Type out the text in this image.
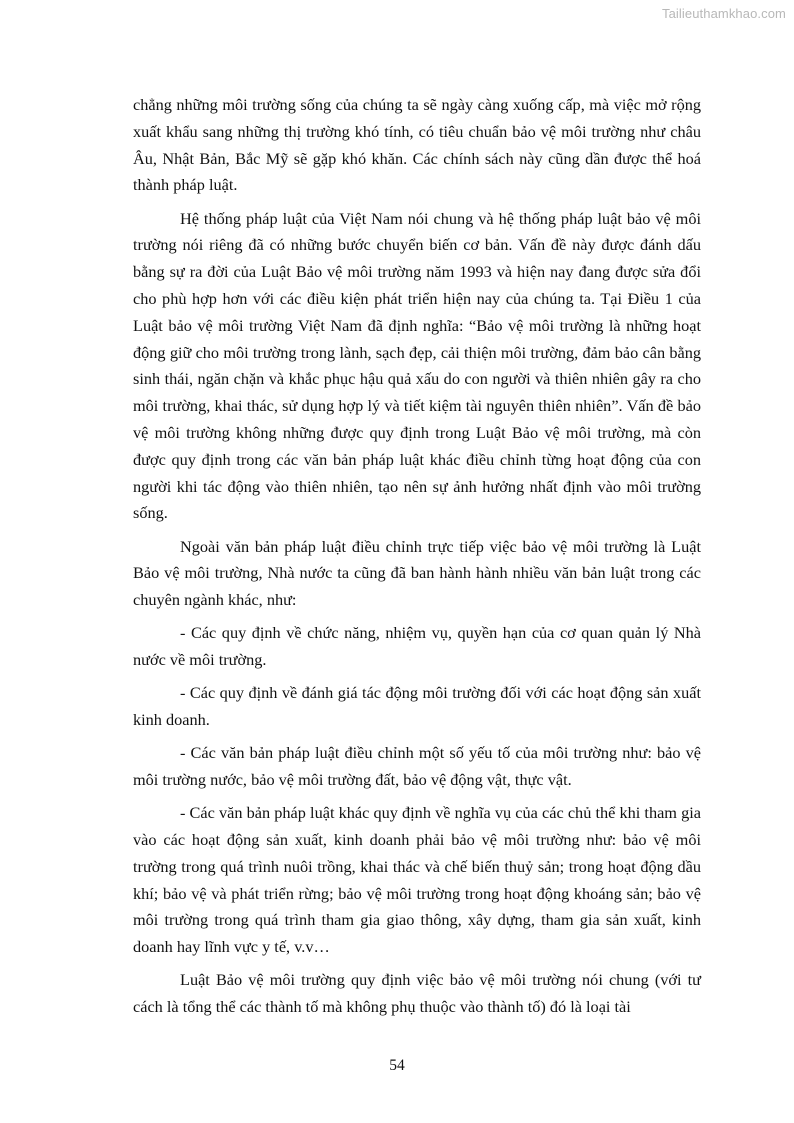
Tailieuthamkhao.com

chẳng những môi trường sống của chúng ta sẽ ngày càng xuống cấp, mà việc mở rộng xuất khẩu sang những thị trường khó tính, có tiêu chuẩn bảo vệ môi trường như châu Âu, Nhật Bản, Bắc Mỹ sẽ gặp khó khăn. Các chính sách này cũng dần được thể hoá thành pháp luật.

Hệ thống pháp luật của Việt Nam nói chung và hệ thống pháp luật bảo vệ môi trường nói riêng đã có những bước chuyển biến cơ bản. Vấn đề này được đánh dấu bằng sự ra đời của Luật Bảo vệ môi trường năm 1993 và hiện nay đang được sửa đổi cho phù hợp hơn với các điều kiện phát triển hiện nay của chúng ta. Tại Điều 1 của Luật bảo vệ môi trường Việt Nam đã định nghĩa: “Bảo vệ môi trường là những hoạt động giữ cho môi trường trong lành, sạch đẹp, cải thiện môi trường, đảm bảo cân bằng sinh thái, ngăn chặn và khắc phục hậu quả xấu do con người và thiên nhiên gây ra cho môi trường, khai thác, sử dụng hợp lý và tiết kiệm tài nguyên thiên nhiên”. Vấn đề bảo vệ môi trường không những được quy định trong Luật Bảo vệ môi trường, mà còn được quy định trong các văn bản pháp luật khác điều chỉnh từng hoạt động của con người khi tác động vào thiên nhiên, tạo nên sự ảnh hưởng nhất định vào môi trường sống.

Ngoài văn bản pháp luật điều chỉnh trực tiếp việc bảo vệ môi trường là Luật Bảo vệ môi trường, Nhà nước ta cũng đã ban hành hành nhiều văn bản luật trong các chuyên ngành khác, như:

- Các quy định về chức năng, nhiệm vụ, quyền hạn của cơ quan quản lý Nhà nước về môi trường.

- Các quy định về đánh giá tác động môi trường đối với các hoạt động sản xuất kinh doanh.

- Các văn bản pháp luật điều chỉnh một số yếu tố của môi trường như: bảo vệ môi trường nước, bảo vệ môi trường đất, bảo vệ động vật, thực vật.

- Các văn bản pháp luật khác quy định về nghĩa vụ của các chủ thể khi tham gia vào các hoạt động sản xuất, kinh doanh phải bảo vệ môi trường như: bảo vệ môi trường trong quá trình nuôi trồng, khai thác và chế biến thuỷ sản; trong hoạt động dầu khí; bảo vệ và phát triển rừng; bảo vệ môi trường trong hoạt động khoáng sản; bảo vệ môi trường trong quá trình tham gia giao thông, xây dựng, tham gia sản xuất, kinh doanh hay lĩnh vực y tế, v.v…

Luật Bảo vệ môi trường quy định việc bảo vệ môi trường nói chung (với tư cách là tổng thể các thành tố mà không phụ thuộc vào thành tố) đó là loại tài

54
